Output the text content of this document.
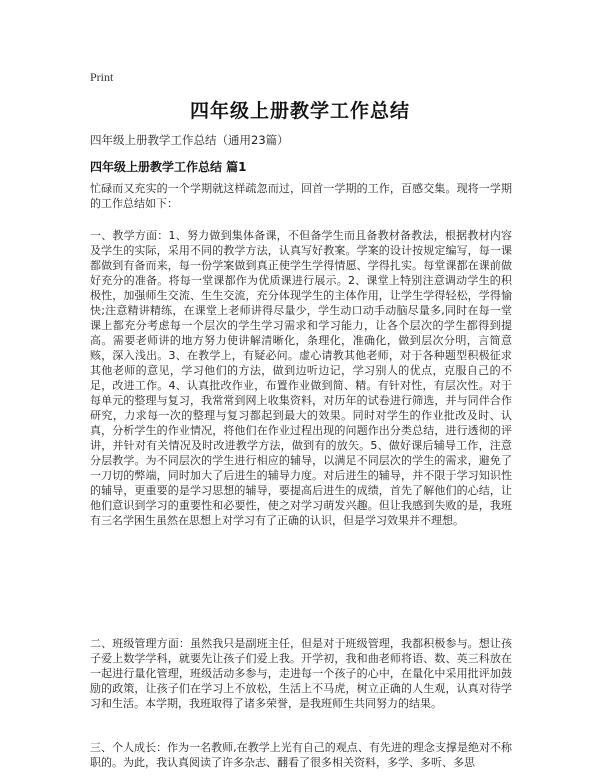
Print
四年级上册教学工作总结
四年级上册教学工作总结（通用23篇）
四年级上册教学工作总结 篇1

忙碌而又充实的一个学期就这样疏忽而过，回首一学期的工作，百感交集。现将一学期的工作总结如下：

一、教学方面：1、努力做到集体备课，不但备学生而且备教材备教法，根据教材内容及学生的实际，采用不同的教学方法，认真写好教案。学案的设计按规定编写，每一课都做到有备而来，每一份学案做到真正使学生学得情愿、学得扎实。每堂课都在课前做好充分的准备。将每一堂课都作为优质课进行展示。2、课堂上特别注意调动学生的积极性，加强师生交流、生生交流，充分体现学生的主体作用，让学生学得轻松，学得愉快;注意精讲精练，在课堂上老师讲得尽量少，学生动口动手动脑尽量多,同时在每一堂课上都充分考虑每一个层次的学生学习需求和学习能力，让各个层次的学生都得到提高。需要老师讲的地方努力使讲解清晰化，条理化，准确化，做到层次分明，言简意赅，深入浅出。3、在教学上，有疑必问。虚心请教其他老师，对于各种题型积极征求其他老师的意见，学习他们的方法，做到边听边记，学习别人的优点，克服自己的不足，改进工作。4、认真批改作业，布置作业做到简、精。有针对性，有层次性。对于每单元的整理与复习，我常常到网上收集资料，对历年的试卷进行筛选，并与同伴合作研究，力求每一次的整理与复习都起到最大的效果。同时对学生的作业批改及时、认真，分析学生的作业情况，将他们在作业过程出现的问题作出分类总结，进行透彻的评讲，并针对有关情况及时改进教学方法，做到有的放矢。5、做好课后辅导工作，注意分层教学。为不同层次的学生进行相应的辅导，以满足不同层次的学生的需求，避免了一刀切的弊端，同时加大了后进生的辅导力度。对后进生的辅导，并不限于学习知识性的辅导，更重要的是学习思想的辅导，要提高后进生的成绩，首先了解他们的心结，让他们意识到学习的重要性和必要性，使之对学习萌发兴趣。但让我感到失败的是，我班有三名学困生虽然在思想上对学习有了正确的认识，但是学习效果并不理想。

二、班级管理方面：虽然我只是副班主任，但是对于班级管理，我都积极参与。想让孩子爱上数学学科，就要先让孩子们爱上我。开学初，我和曲老师将语、数、英三科放在一起进行量化管理，班级活动多参与，走进每一个孩子的心中，在量化中采用批评加鼓励的政策，让孩子们在学习上不放松，生活上不马虎，树立正确的人生观，认真对待学习和生活。本学期，我班取得了诸多荣誉，是我班师生共同努力的结果。

三、个人成长：作为一名教师,在教学上光有自己的观点、有先进的理念支撑是绝对不称职的。为此，我认真阅读了许多杂志、翻看了很多相关资料，多学、多听、多思
